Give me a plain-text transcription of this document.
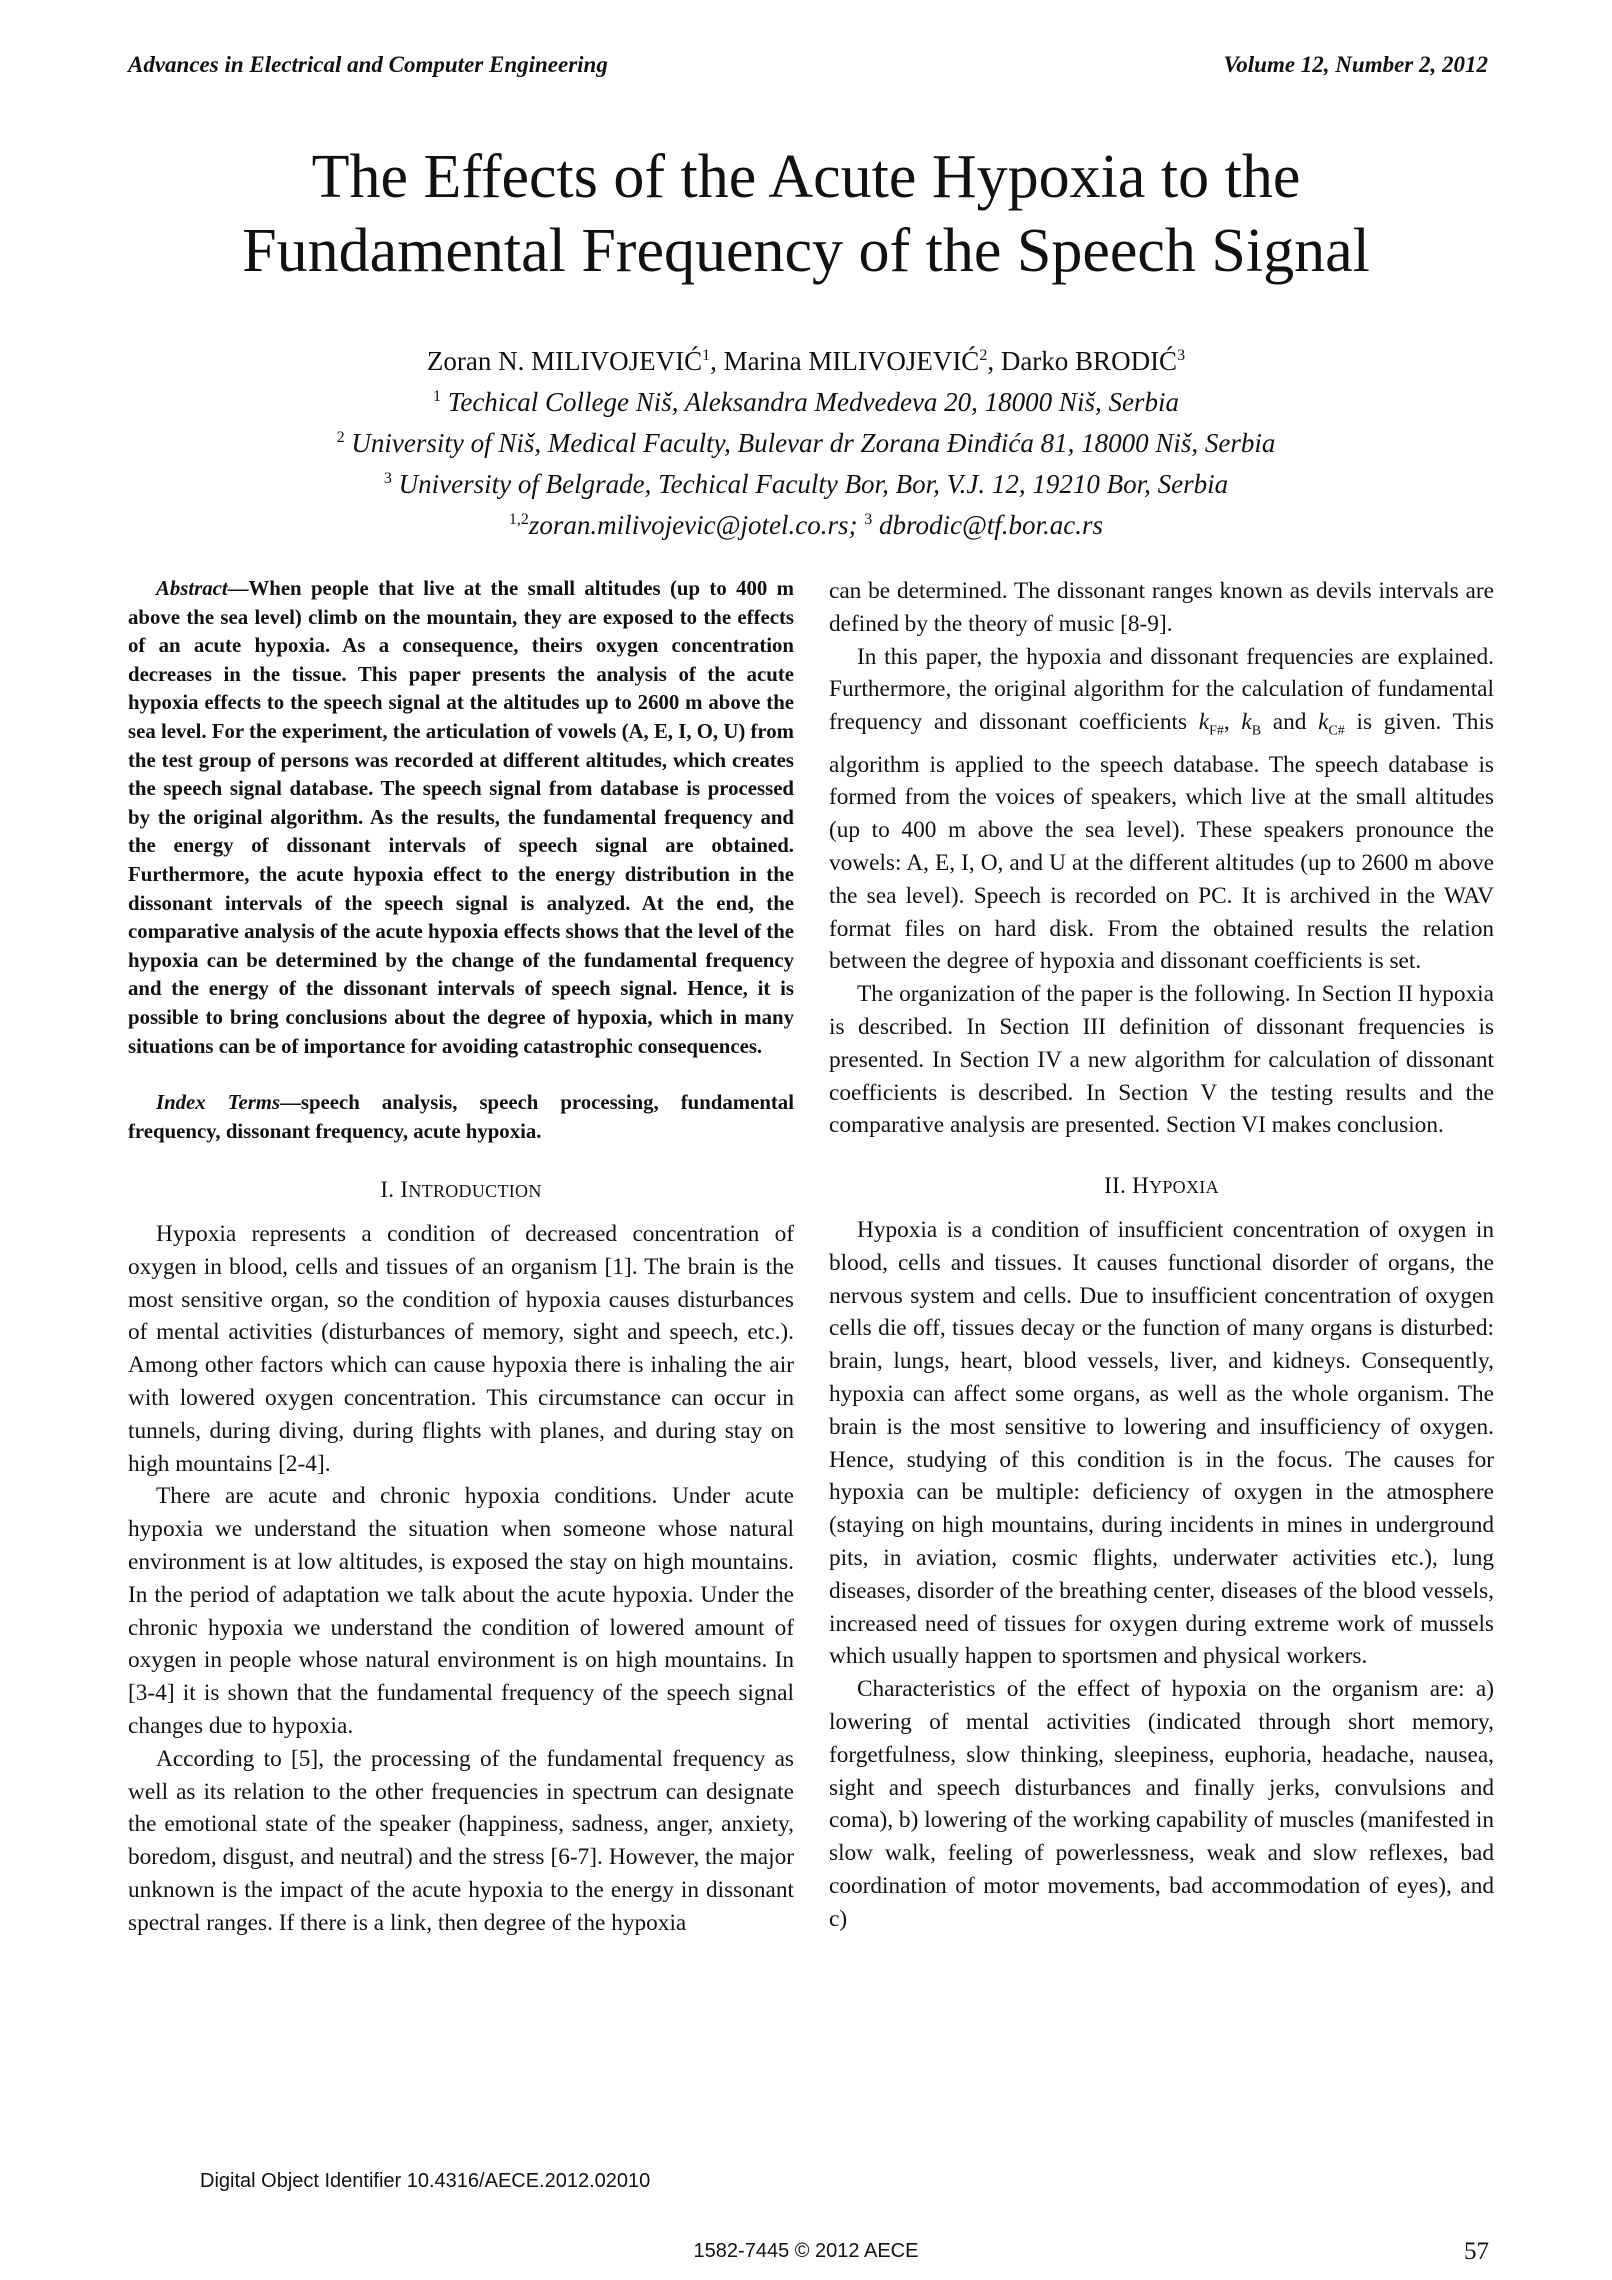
Advances in Electrical and Computer Engineering	Volume 12, Number 2, 2012
The Effects of the Acute Hypoxia to the
Fundamental Frequency of the Speech Signal
Zoran N. MILIVOJEVIĆ$^1$, Marina MILIVOJEVIĆ$^2$, Darko BRODIĆ$^3$
$^1$ Techical College Niš, Aleksandra Medvedeva 20, 18000 Niš, Serbia
$^2$ University of Niš, Medical Faculty, Bulevar dr Zorana Đinđića 81, 18000 Niš, Serbia
$^3$ University of Belgrade, Techical Faculty Bor, Bor, V.J. 12, 19210 Bor, Serbia
$^{1,2}$zoran.milivojevic@jotel.co.rs; $^3$ dbrodic@tf.bor.ac.rs

Abstract—When people that live at the small altitudes (up to 400 m above the sea level) climb on the mountain, they are exposed to the effects of an acute hypoxia. As a consequence, theirs oxygen concentration decreases in the tissue. This paper presents the analysis of the acute hypoxia effects to the speech signal at the altitudes up to 2600 m above the sea level. For the experiment, the articulation of vowels (A, E, I, O, U) from the test group of persons was recorded at different altitudes, which creates the speech signal database. The speech signal from database is processed by the original algorithm. As the results, the fundamental frequency and the energy of dissonant intervals of speech signal are obtained. Furthermore, the acute hypoxia effect to the energy distribution in the dissonant intervals of the speech signal is analyzed. At the end, the comparative analysis of the acute hypoxia effects shows that the level of the hypoxia can be determined by the change of the fundamental frequency and the energy of the dissonant intervals of speech signal. Hence, it is possible to bring conclusions about the degree of hypoxia, which in many situations can be of importance for avoiding catastrophic consequences.

Index Terms—speech analysis, speech processing, fundamental frequency, dissonant frequency, acute hypoxia.

I. INTRODUCTION

Hypoxia represents a condition of decreased concentration of oxygen in blood, cells and tissues of an organism [1]. The brain is the most sensitive organ, so the condition of hypoxia causes disturbances of mental activities (disturbances of memory, sight and speech, etc.). Among other factors which can cause hypoxia there is inhaling the air with lowered oxygen concentration. This circumstance can occur in tunnels, during diving, during flights with planes, and during stay on high mountains [2-4].

There are acute and chronic hypoxia conditions. Under acute hypoxia we understand the situation when someone whose natural environment is at low altitudes, is exposed the stay on high mountains. In the period of adaptation we talk about the acute hypoxia. Under the chronic hypoxia we understand the condition of lowered amount of oxygen in people whose natural environment is on high mountains. In [3-4] it is shown that the fundamental frequency of the speech signal changes due to hypoxia.

According to [5], the processing of the fundamental frequency as well as its relation to the other frequencies in spectrum can designate the emotional state of the speaker (happiness, sadness, anger, anxiety, boredom, disgust, and neutral) and the stress [6-7]. However, the major unknown is the impact of the acute hypoxia to the energy in dissonant spectral ranges. If there is a link, then degree of the hypoxia

can be determined. The dissonant ranges known as devils intervals are defined by the theory of music [8-9].

In this paper, the hypoxia and dissonant frequencies are explained. Furthermore, the original algorithm for the calculation of fundamental frequency and dissonant coefficients $k_{F\#}$, $k_B$ and $k_{C\#}$ is given. This algorithm is applied to the speech database. The speech database is formed from the voices of speakers, which live at the small altitudes (up to 400 m above the sea level). These speakers pronounce the vowels: A, E, I, O, and U at the different altitudes (up to 2600 m above the sea level). Speech is recorded on PC. It is archived in the WAV format files on hard disk. From the obtained results the relation between the degree of hypoxia and dissonant coefficients is set.

The organization of the paper is the following. In Section II hypoxia is described. In Section III definition of dissonant frequencies is presented. In Section IV a new algorithm for calculation of dissonant coefficients is described. In Section V the testing results and the comparative analysis are presented. Section VI makes conclusion.

II. HYPOXIA

Hypoxia is a condition of insufficient concentration of oxygen in blood, cells and tissues. It causes functional disorder of organs, the nervous system and cells. Due to insufficient concentration of oxygen cells die off, tissues decay or the function of many organs is disturbed: brain, lungs, heart, blood vessels, liver, and kidneys. Consequently, hypoxia can affect some organs, as well as the whole organism. The brain is the most sensitive to lowering and insufficiency of oxygen. Hence, studying of this condition is in the focus. The causes for hypoxia can be multiple: deficiency of oxygen in the atmosphere (staying on high mountains, during incidents in mines in underground pits, in aviation, cosmic flights, underwater activities etc.), lung diseases, disorder of the breathing center, diseases of the blood vessels, increased need of tissues for oxygen during extreme work of mussels which usually happen to sportsmen and physical workers.

Characteristics of the effect of hypoxia on the organism are: a) lowering of mental activities (indicated through short memory, forgetfulness, slow thinking, sleepiness, euphoria, headache, nausea, sight and speech disturbances and finally jerks, convulsions and coma), b) lowering of the working capability of muscles (manifested in slow walk, feeling of powerlessness, weak and slow reflexes, bad coordination of motor movements, bad accommodation of eyes), and c)

Digital Object Identifier 10.4316/AECE.2012.02010
57
1582-7445 © 2012 AECE
